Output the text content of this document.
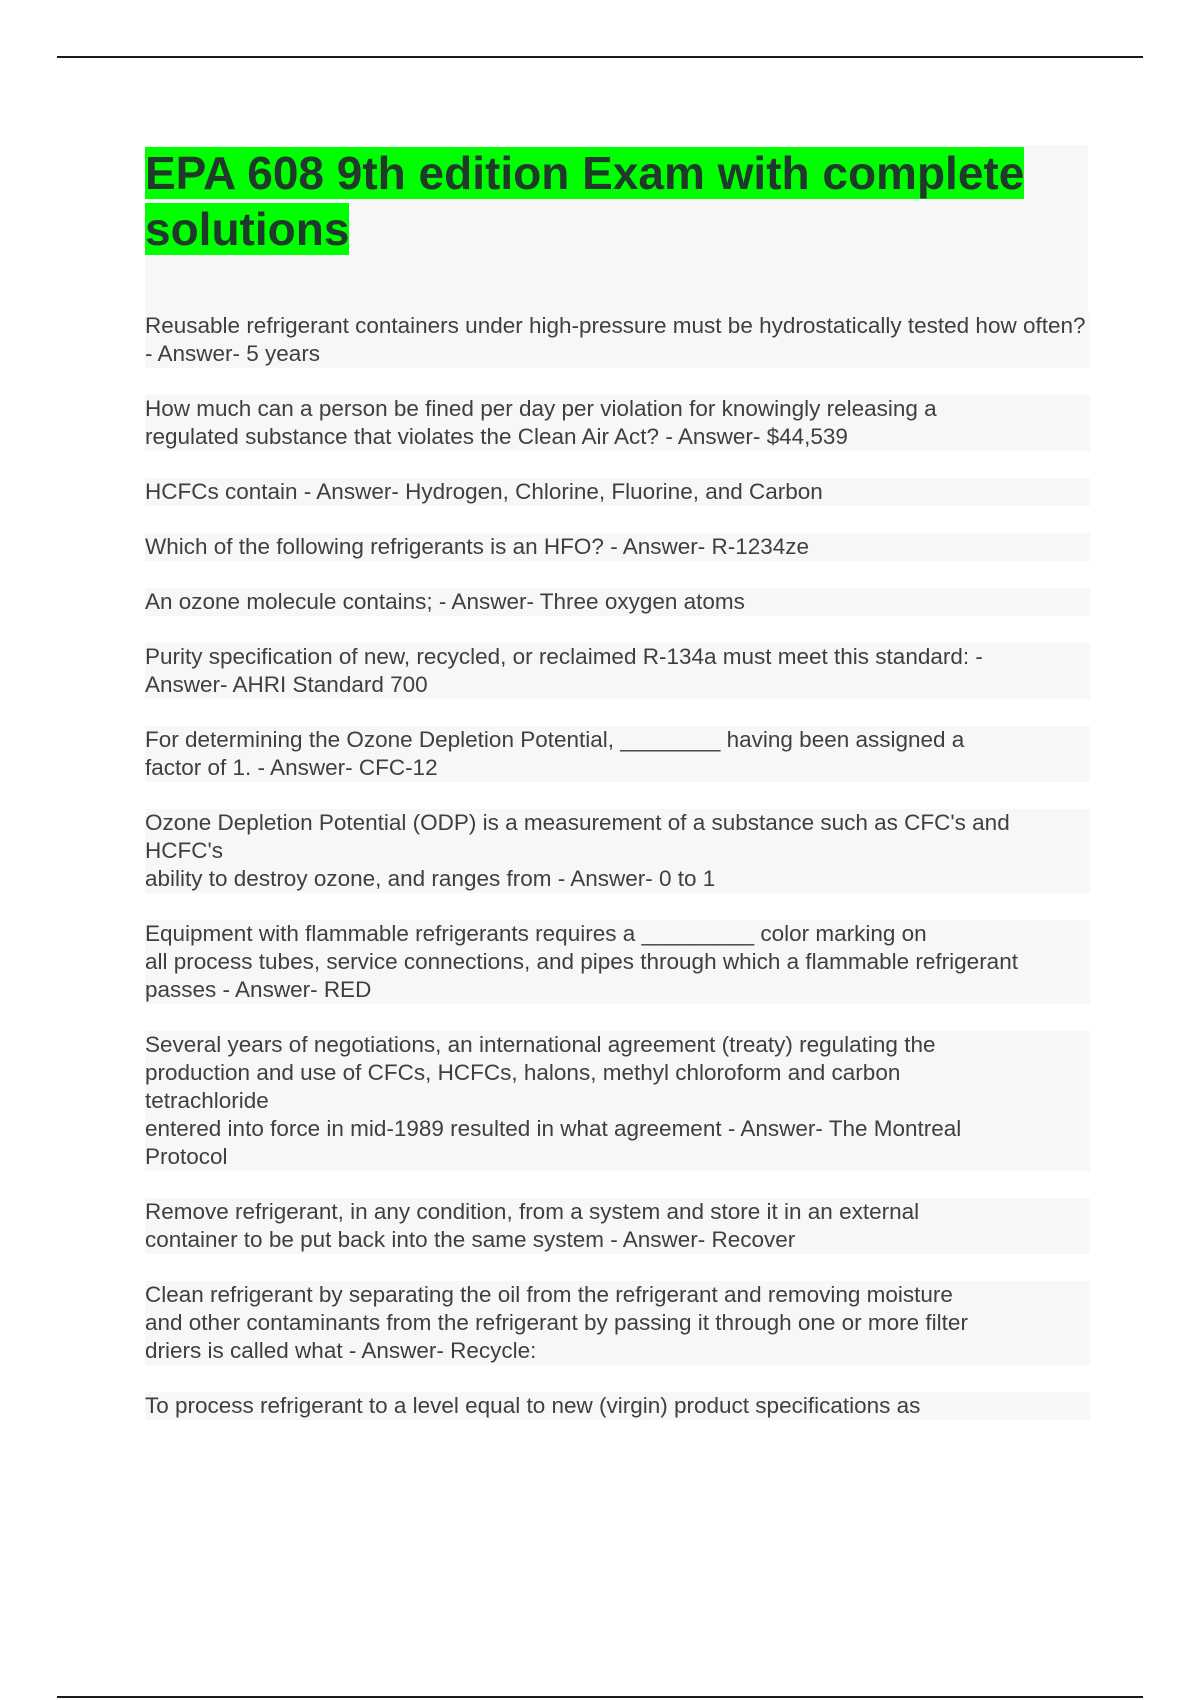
EPA 608 9th edition Exam with complete solutions

Reusable refrigerant containers under high-pressure must be hydrostatically tested how often? - Answer- 5 years

How much can a person be fined per day per violation for knowingly releasing a
regulated substance that violates the Clean Air Act? - Answer- $44,539

HCFCs contain - Answer- Hydrogen, Chlorine, Fluorine, and Carbon

Which of the following refrigerants is an HFO? - Answer- R-1234ze

An ozone molecule contains; - Answer- Three oxygen atoms

Purity specification of new, recycled, or reclaimed R-134a must meet this standard: -
Answer- AHRI Standard 700

For determining the Ozone Depletion Potential, ________ having been assigned a
factor of 1. - Answer- CFC-12

Ozone Depletion Potential (ODP) is a measurement of a substance such as CFC's and
HCFC's
ability to destroy ozone, and ranges from - Answer- 0 to 1

Equipment with flammable refrigerants requires a _________ color marking on
all process tubes, service connections, and pipes through which a flammable refrigerant
passes - Answer- RED

Several years of negotiations, an international agreement (treaty) regulating the
production and use of CFCs, HCFCs, halons, methyl chloroform and carbon
tetrachloride
entered into force in mid-1989 resulted in what agreement - Answer- The Montreal
Protocol

Remove refrigerant, in any condition, from a system and store it in an external
container to be put back into the same system - Answer- Recover

Clean refrigerant by separating the oil from the refrigerant and removing moisture
and other contaminants from the refrigerant by passing it through one or more filter
driers is called what - Answer- Recycle:

To process refrigerant to a level equal to new (virgin) product specifications as
